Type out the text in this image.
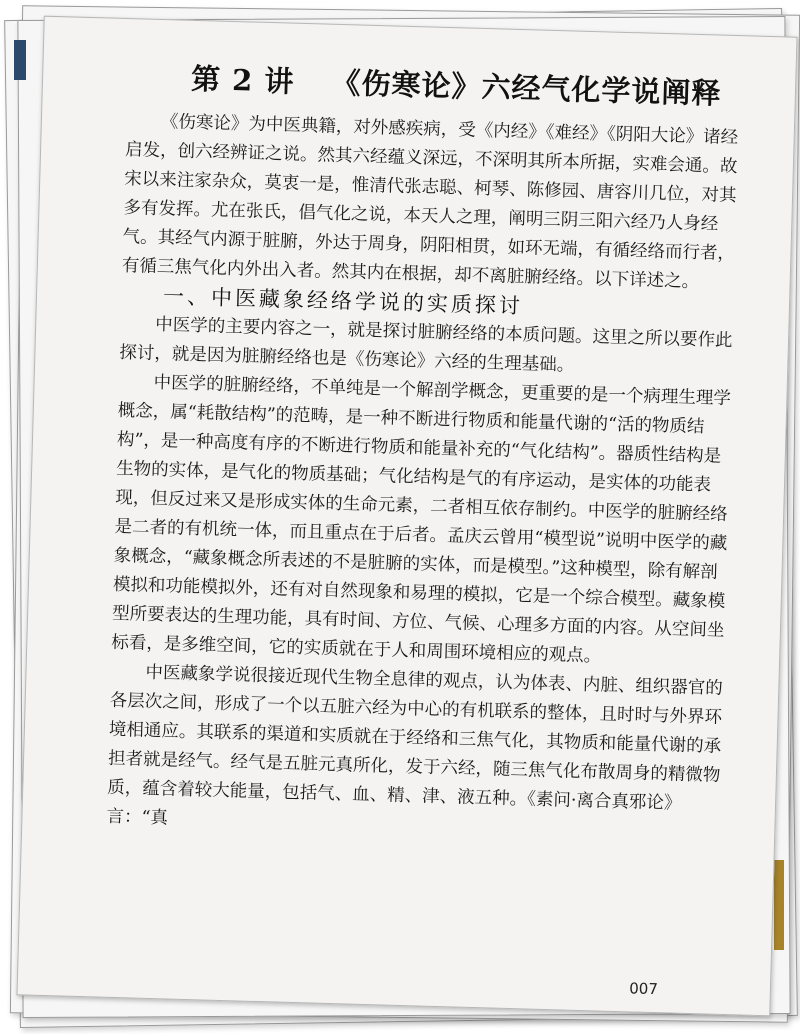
第 2 讲 《伤寒论》六经气化学说阐释

《伤寒论》为中医典籍，对外感疾病，受《内经》《难经》《阴阳大论》诸经启发，创六经辨证之说。然其六经蕴义深远，不深明其所本所据，实难会通。故宋以来注家杂众，莫衷一是，惟清代张志聪、柯琴、陈修园、唐容川几位，对其多有发挥。尤在张氏，倡气化之说，本天人之理，阐明三阴三阳六经乃人身经气。其经气内源于脏腑，外达于周身，阴阳相贯，如环无端，有循经络而行者，有循三焦气化内外出入者。然其内在根据，却不离脏腑经络。以下详述之。

一、中医藏象经络学说的实质探讨

中医学的主要内容之一，就是探讨脏腑经络的本质问题。这里之所以要作此探讨，就是因为脏腑经络也是《伤寒论》六经的生理基础。

中医学的脏腑经络，不单纯是一个解剖学概念，更重要的是一个病理生理学概念，属“耗散结构”的范畴，是一种不断进行物质和能量代谢的“活的物质结构”，是一种高度有序的不断进行物质和能量补充的“气化结构”。器质性结构是生物的实体，是气化的物质基础；气化结构是气的有序运动，是实体的功能表现，但反过来又是形成实体的生命元素，二者相互依存制约。中医学的脏腑经络是二者的有机统一体，而且重点在于后者。孟庆云曾用“模型说”说明中医学的藏象概念，“藏象概念所表述的不是脏腑的实体，而是模型。”这种模型，除有解剖模拟和功能模拟外，还有对自然现象和易理的模拟，它是一个综合模型。藏象模型所要表达的生理功能，具有时间、方位、气候、心理多方面的内容。从空间坐标看，是多维空间，它的实质就在于人和周围环境相应的观点。

中医藏象学说很接近现代生物全息律的观点，认为体表、内脏、组织器官的各层次之间，形成了一个以五脏六经为中心的有机联系的整体，且时时与外界环境相通应。其联系的渠道和实质就在于经络和三焦气化，其物质和能量代谢的承担者就是经气。经气是五脏元真所化，发于六经，随三焦气化布散周身的精微物质，蕴含着较大能量，包括气、血、精、津、液五种。《素问·离合真邪论》言：“真

007
